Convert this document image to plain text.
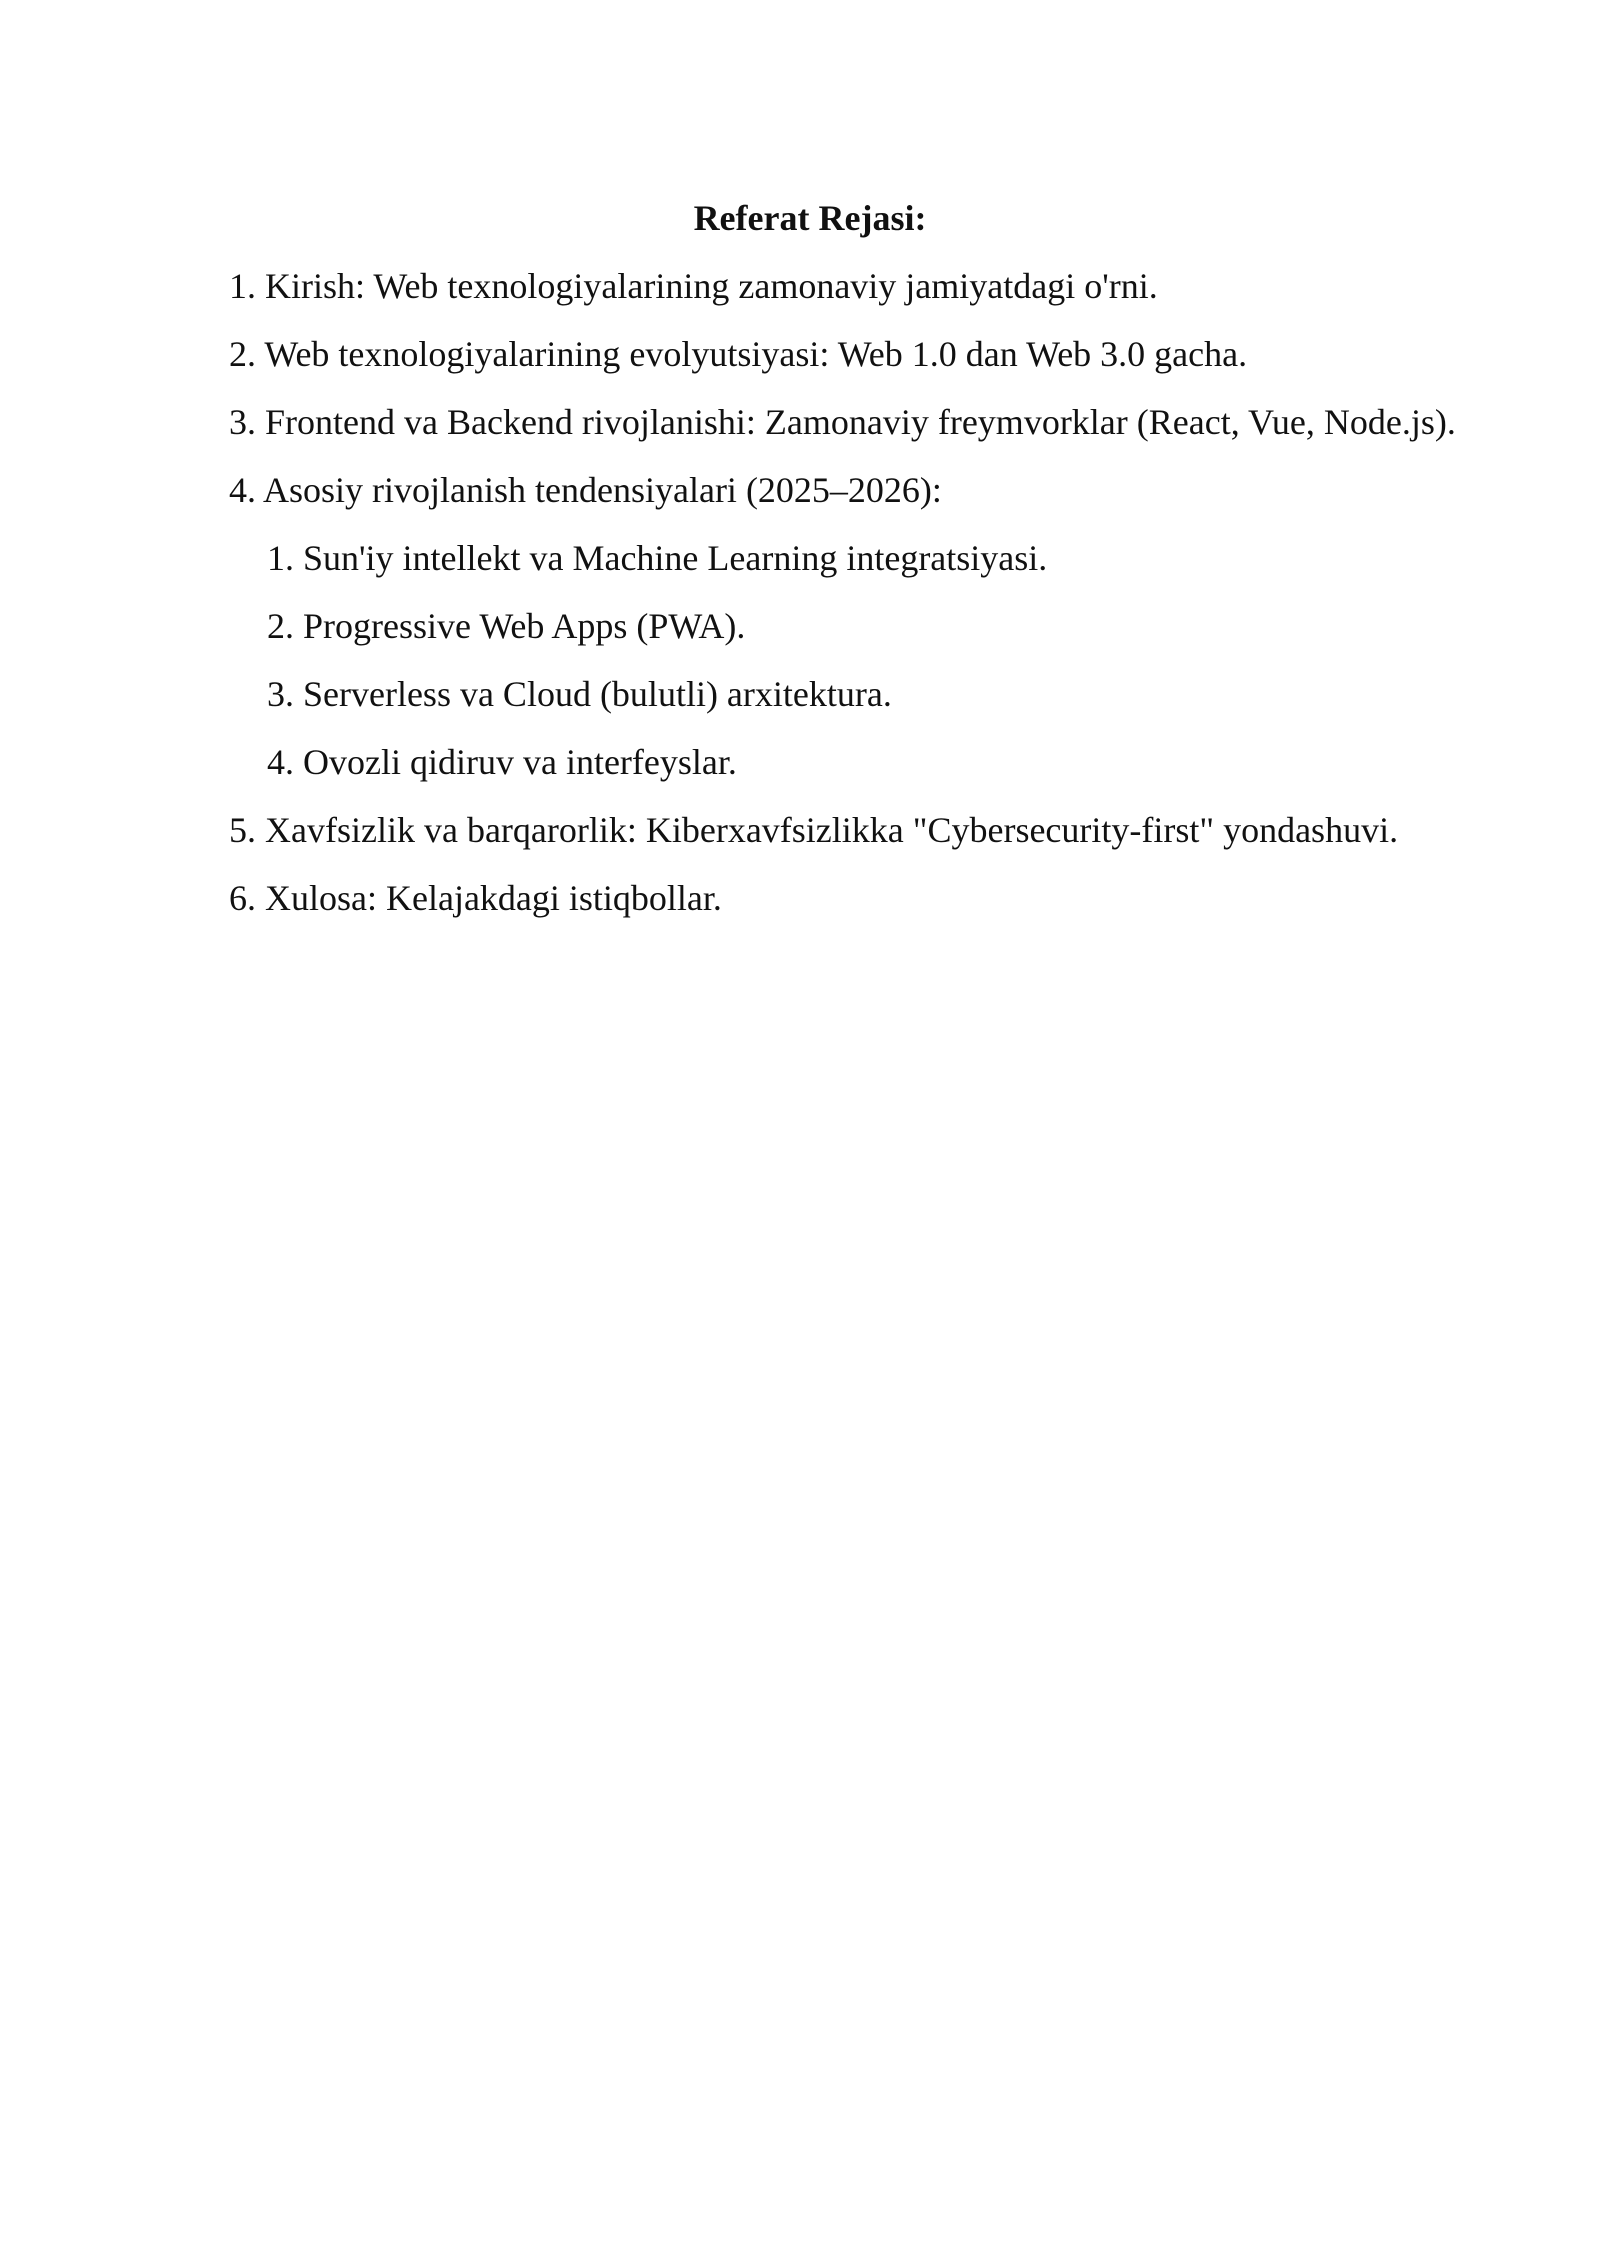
Referat Rejasi:
1. Kirish: Web texnologiyalarining zamonaviy jamiyatdagi o'rni.
2. Web texnologiyalarining evolyutsiyasi: Web 1.0 dan Web 3.0 gacha.
3. Frontend va Backend rivojlanishi: Zamonaviy freymvorklar (React, Vue, Node.js).
4. Asosiy rivojlanish tendensiyalari (2025–2026):
1. Sun'iy intellekt va Machine Learning integratsiyasi.
2. Progressive Web Apps (PWA).
3. Serverless va Cloud (bulutli) arxitektura.
4. Ovozli qidiruv va interfeyslar.
5. Xavfsizlik va barqarorlik: Kiberxavfsizlikka "Cybersecurity-first" yondashuvi.
6. Xulosa: Kelajakdagi istiqbollar.
